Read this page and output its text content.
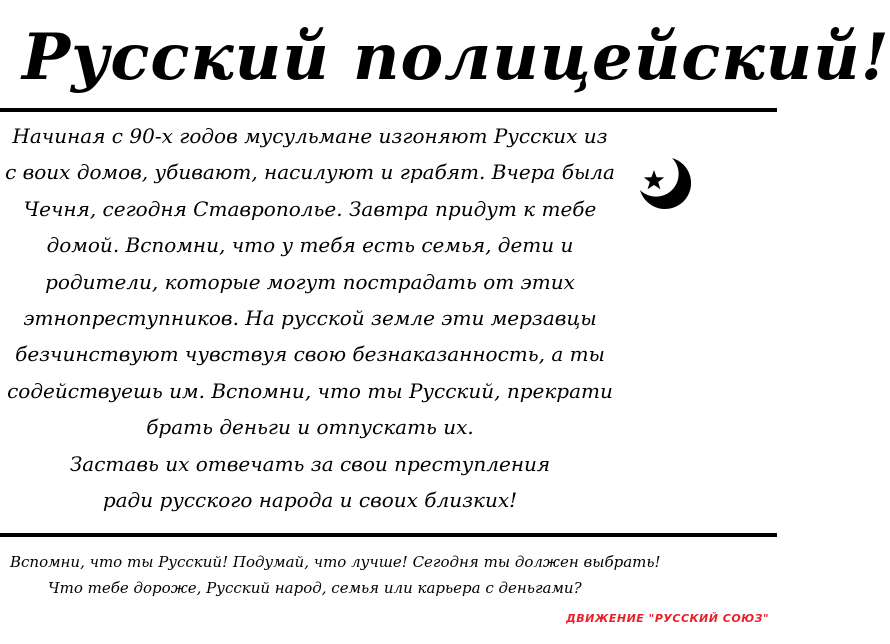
Русский полицейский!
Начиная с 90-х годов мусульмане изгоняют Русских из
с воих домов, убивают, насилуют и грабят. Вчера была
Чечня, сегодня Ставрополье. Завтра придут к тебе
домой. Вспомни, что у тебя есть семья, дети и
родители, которые могут пострадать от этих
этнопреступников. На русской земле эти мерзавцы
безчинствуют чувствуя свою безнаказанность, а ты
содействуешь им. Вспомни, что ты Русский, прекрати
брать деньги и отпускать их.
Заставь их отвечать за свои преступления
ради русского народа и своих близких!
Вспомни, что ты Русский! Подумай, что лучше! Сегодня ты должен выбрать!
Что тебе дороже, Русский народ, семья или карьера с деньгами?
ДВИЖЕНИЕ "РУССКИЙ СОЮЗ"
